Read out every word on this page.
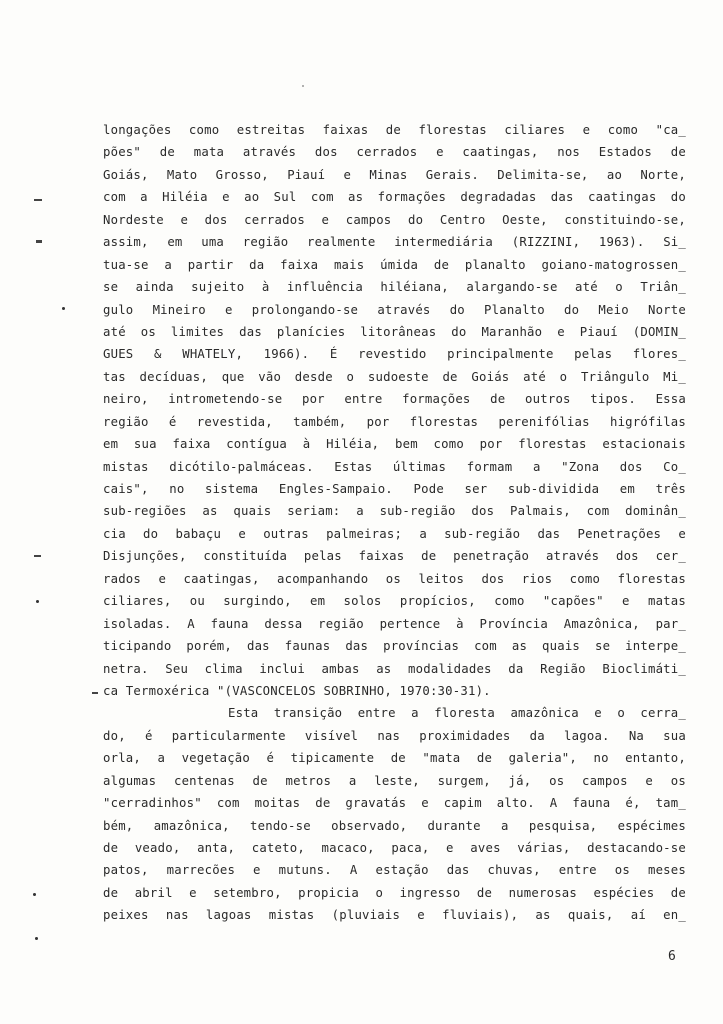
longações como estreitas faixas de florestas ciliares e como "ca_
pões" de mata através dos cerrados e caatingas, nos Estados de
Goiás, Mato Grosso, Piauí e Minas Gerais. Delimita-se, ao Norte,
com a Hiléia e ao Sul com as formações degradadas das caatingas do
Nordeste e dos cerrados e campos do Centro Oeste, constituindo-se,
assim, em uma região realmente intermediária (RIZZINI, 1963). Si_
tua-se a partir da faixa mais úmida de planalto goiano-matogrossen_
se ainda sujeito à influência hiléiana, alargando-se até o Triân_
gulo Mineiro e prolongando-se através do Planalto do Meio Norte
até os limites das planícies litorâneas do Maranhão e Piauí (DOMIN_
GUES & WHATELY, 1966). É revestido principalmente pelas flores_
tas decíduas, que vão desde o sudoeste de Goiás até o Triângulo Mi_
neiro, intrometendo-se por entre formações de outros tipos. Essa
região é revestida, também, por florestas perenifólias higrófilas
em sua faixa contígua à Hiléia, bem como por florestas estacionais
mistas dicótilo-palmáceas. Estas últimas formam a "Zona dos Co_
cais", no sistema Engles-Sampaio. Pode ser sub-dividida em três
sub-regiões as quais seriam: a sub-região dos Palmais, com dominân_
cia do babaçu e outras palmeiras; a sub-região das Penetrações e
Disjunções, constituída pelas faixas de penetração através dos cer_
rados e caatingas, acompanhando os leitos dos rios como florestas
ciliares, ou surgindo, em solos propícios, como "capões" e matas
isoladas. A fauna dessa região pertence à Província Amazônica, par_
ticipando porém, das faunas das províncias com as quais se interpe_
netra. Seu clima inclui ambas as modalidades da Região Bioclimáti_
ca Termoxérica "(VASCONCELOS SOBRINHO, 1970:30-31).
Esta transição entre a floresta amazônica e o cerra_
do, é particularmente visível nas proximidades da lagoa. Na sua
orla, a vegetação é tipicamente de "mata de galeria", no entanto,
algumas centenas de metros a leste, surgem, já, os campos e os
"cerradinhos" com moitas de gravatás e capim alto. A fauna é, tam_
bém, amazônica, tendo-se observado, durante a pesquisa, espécimes
de veado, anta, cateto, macaco, paca, e aves várias, destacando-se
patos, marrecões e mutuns. A estação das chuvas, entre os meses
de abril e setembro, propicia o ingresso de numerosas espécies de
peixes nas lagoas mistas (pluviais e fluviais), as quais, aí en_
6
